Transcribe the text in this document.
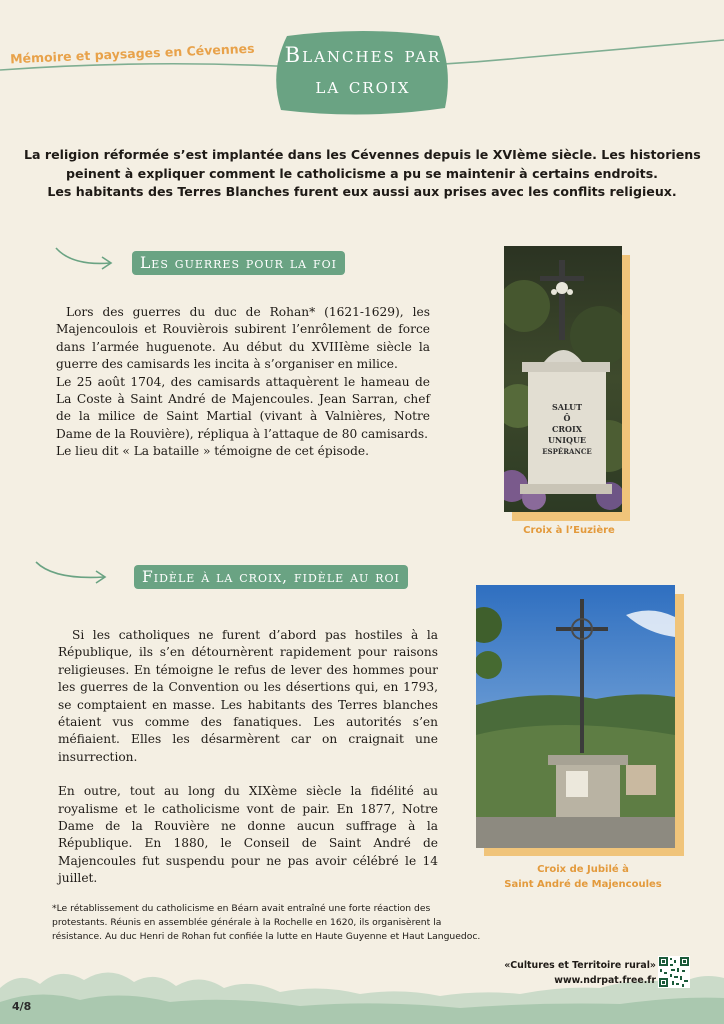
Mémoire et paysages en Cévennes Blanches par
la croix
La religion réformée s’est implantée dans les Cévennes depuis le XVIème siècle. Les historiens
peinent à expliquer comment le catholicisme a pu se maintenir à certains endroits.
Les habitants des Terres Blanches furent eux aussi aux prises avec les conflits religieux.
Les guerres pour la foi

Lors des guerres du duc de Rohan* (1621-1629), les Majencoulois et Rouvièrois subirent l’enrôlement de force dans l’armée huguenote. Au début du XVIIIème siècle la guerre des camisards les incita à s’organiser en milice.

Le 25 août 1704, des camisards attaquèrent le hameau de La Coste à Saint André de Majencoules. Jean Sarran, chef de la milice de Saint Martial (vivant à Valnières, Notre Dame de la Rouvière), répliqua à l’attaque de 80 camisards.

Le lieu dit « La bataille » témoigne de cet épisode.

SALUT
Ô
CROIX
UNIQUE
ESPÉRANCE
Croix à l’Euzière
Fidèle à la croix, fidèle au roi

Si les catholiques ne furent d’abord pas hostiles à la République, ils s’en détournèrent rapidement pour raisons religieuses. En témoigne le refus de lever des hommes pour les guerres de la Convention ou les désertions qui, en 1793, se comptaient en masse. Les habitants des Terres blanches étaient vus comme des fanatiques. Les autorités s’en méfiaient. Elles les désarmèrent car on craignait une insurrection.

En outre, tout au long du XIXème siècle la fidélité au royalisme et le catholicisme vont de pair. En 1877, Notre Dame de la Rouvière ne donne aucun suffrage à la République. En 1880, le Conseil de Saint André de Majencoules fut suspendu pour ne pas avoir célébré le 14 juillet.

Croix de Jubilé à
Saint André de Majencoules
*Le rétablissement du catholicisme en Béarn avait entraîné une forte réaction des
protestants. Réunis en assemblée générale à la Rochelle en 1620, ils organisèrent la
résistance. Au duc Henri de Rohan fut confiée la lutte en Haute Guyenne et Haut Languedoc.
«Cultures et Territoire rural»
www.ndrpat.free.fr
4/8
